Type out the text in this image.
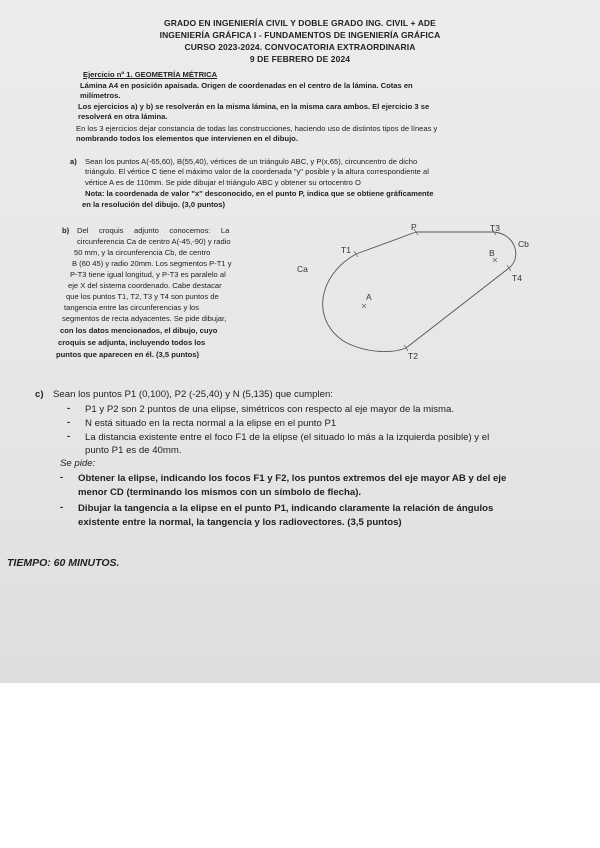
GRADO EN INGENIERÍA CIVIL Y DOBLE GRADO ING. CIVIL + ADE
INGENIERÍA GRÁFICA I - FUNDAMENTOS DE INGENIERÍA GRÁFICA
CURSO 2023-2024. CONVOCATORIA EXTRAORDINARIA
9 DE FEBRERO DE 2024
Ejercicio nº 1. GEOMETRÍA MÉTRICA
Lámina A4 en posición apaisada. Origen de coordenadas en el centro de la lámina. Cotas en
milímetros.
Los ejercicios a) y b) se resolverán en la misma lámina, en la misma cara ambos. El ejercicio 3 se
resolverá en otra lámina.
En los 3 ejercicios dejar constancia de todas las construcciones, haciendo uso de distintos tipos de líneas y
nombrando todos los elementos que intervienen en el dibujo.
a) Sean los puntos A(-65,60), B(55,40), vértices de un triángulo ABC, y P(x,65), circuncentro de dicho
triángulo. El vértice C tiene el máximo valor de la coordenada "y" posible y la altura correspondiente al
vértice A es de 110mm. Se pide dibujar el triángulo ABC y obtener su ortocentro O
Nota: la coordenada de valor "x" desconocido, en el punto P, indica que se obtiene gráficamente
en la resolución del dibujo. (3,0 puntos)
b) Del     croquis     adjunto     conocemos:     La
circunferencia Ca de centro A(-45,-90) y radio
50 mm, y la circunferencia Cb, de centro
B (60 45) y radio 20mm. Los segmentos P-T1 y
P-T3 tiene igual longitud, y P-T3 es paralelo al
eje X del sistema coordenado. Cabe destacar
que los puntos T1, T2, T3 y T4 son puntos de
tangencia entre las circunferencias y los
segmentos de recta adyacentes. Se pide dibujar,
con los datos mencionados, el dibujo, cuyo
croquis se adjunta, incluyendo todos los
puntos que aparecen en él. (3,5 puntos)
P
T1
T3
Cb
B
T4
Ca
A
T2
c) Sean los puntos P1 (0,100), P2 (-25,40) y N (5,135) que cumplen:
- P1 y P2 son 2 puntos de una elipse, simétricos con respecto al eje mayor de la misma.
- N está situado en la recta normal a la elipse en el punto P1
- La distancia existente entre el foco F1 de la elipse (el situado lo más a la izquierda posible) y el
punto P1 es de 40mm.
Se pide:
- Obtener la elipse, indicando los focos F1 y F2, los puntos extremos del eje mayor AB y del eje
menor CD (terminando los mismos con un símbolo de flecha).
- Dibujar la tangencia a la elipse en el punto P1, indicando claramente la relación de ángulos
existente entre la normal, la tangencia y los radiovectores. (3,5 puntos)
TIEMPO: 60 MINUTOS.
